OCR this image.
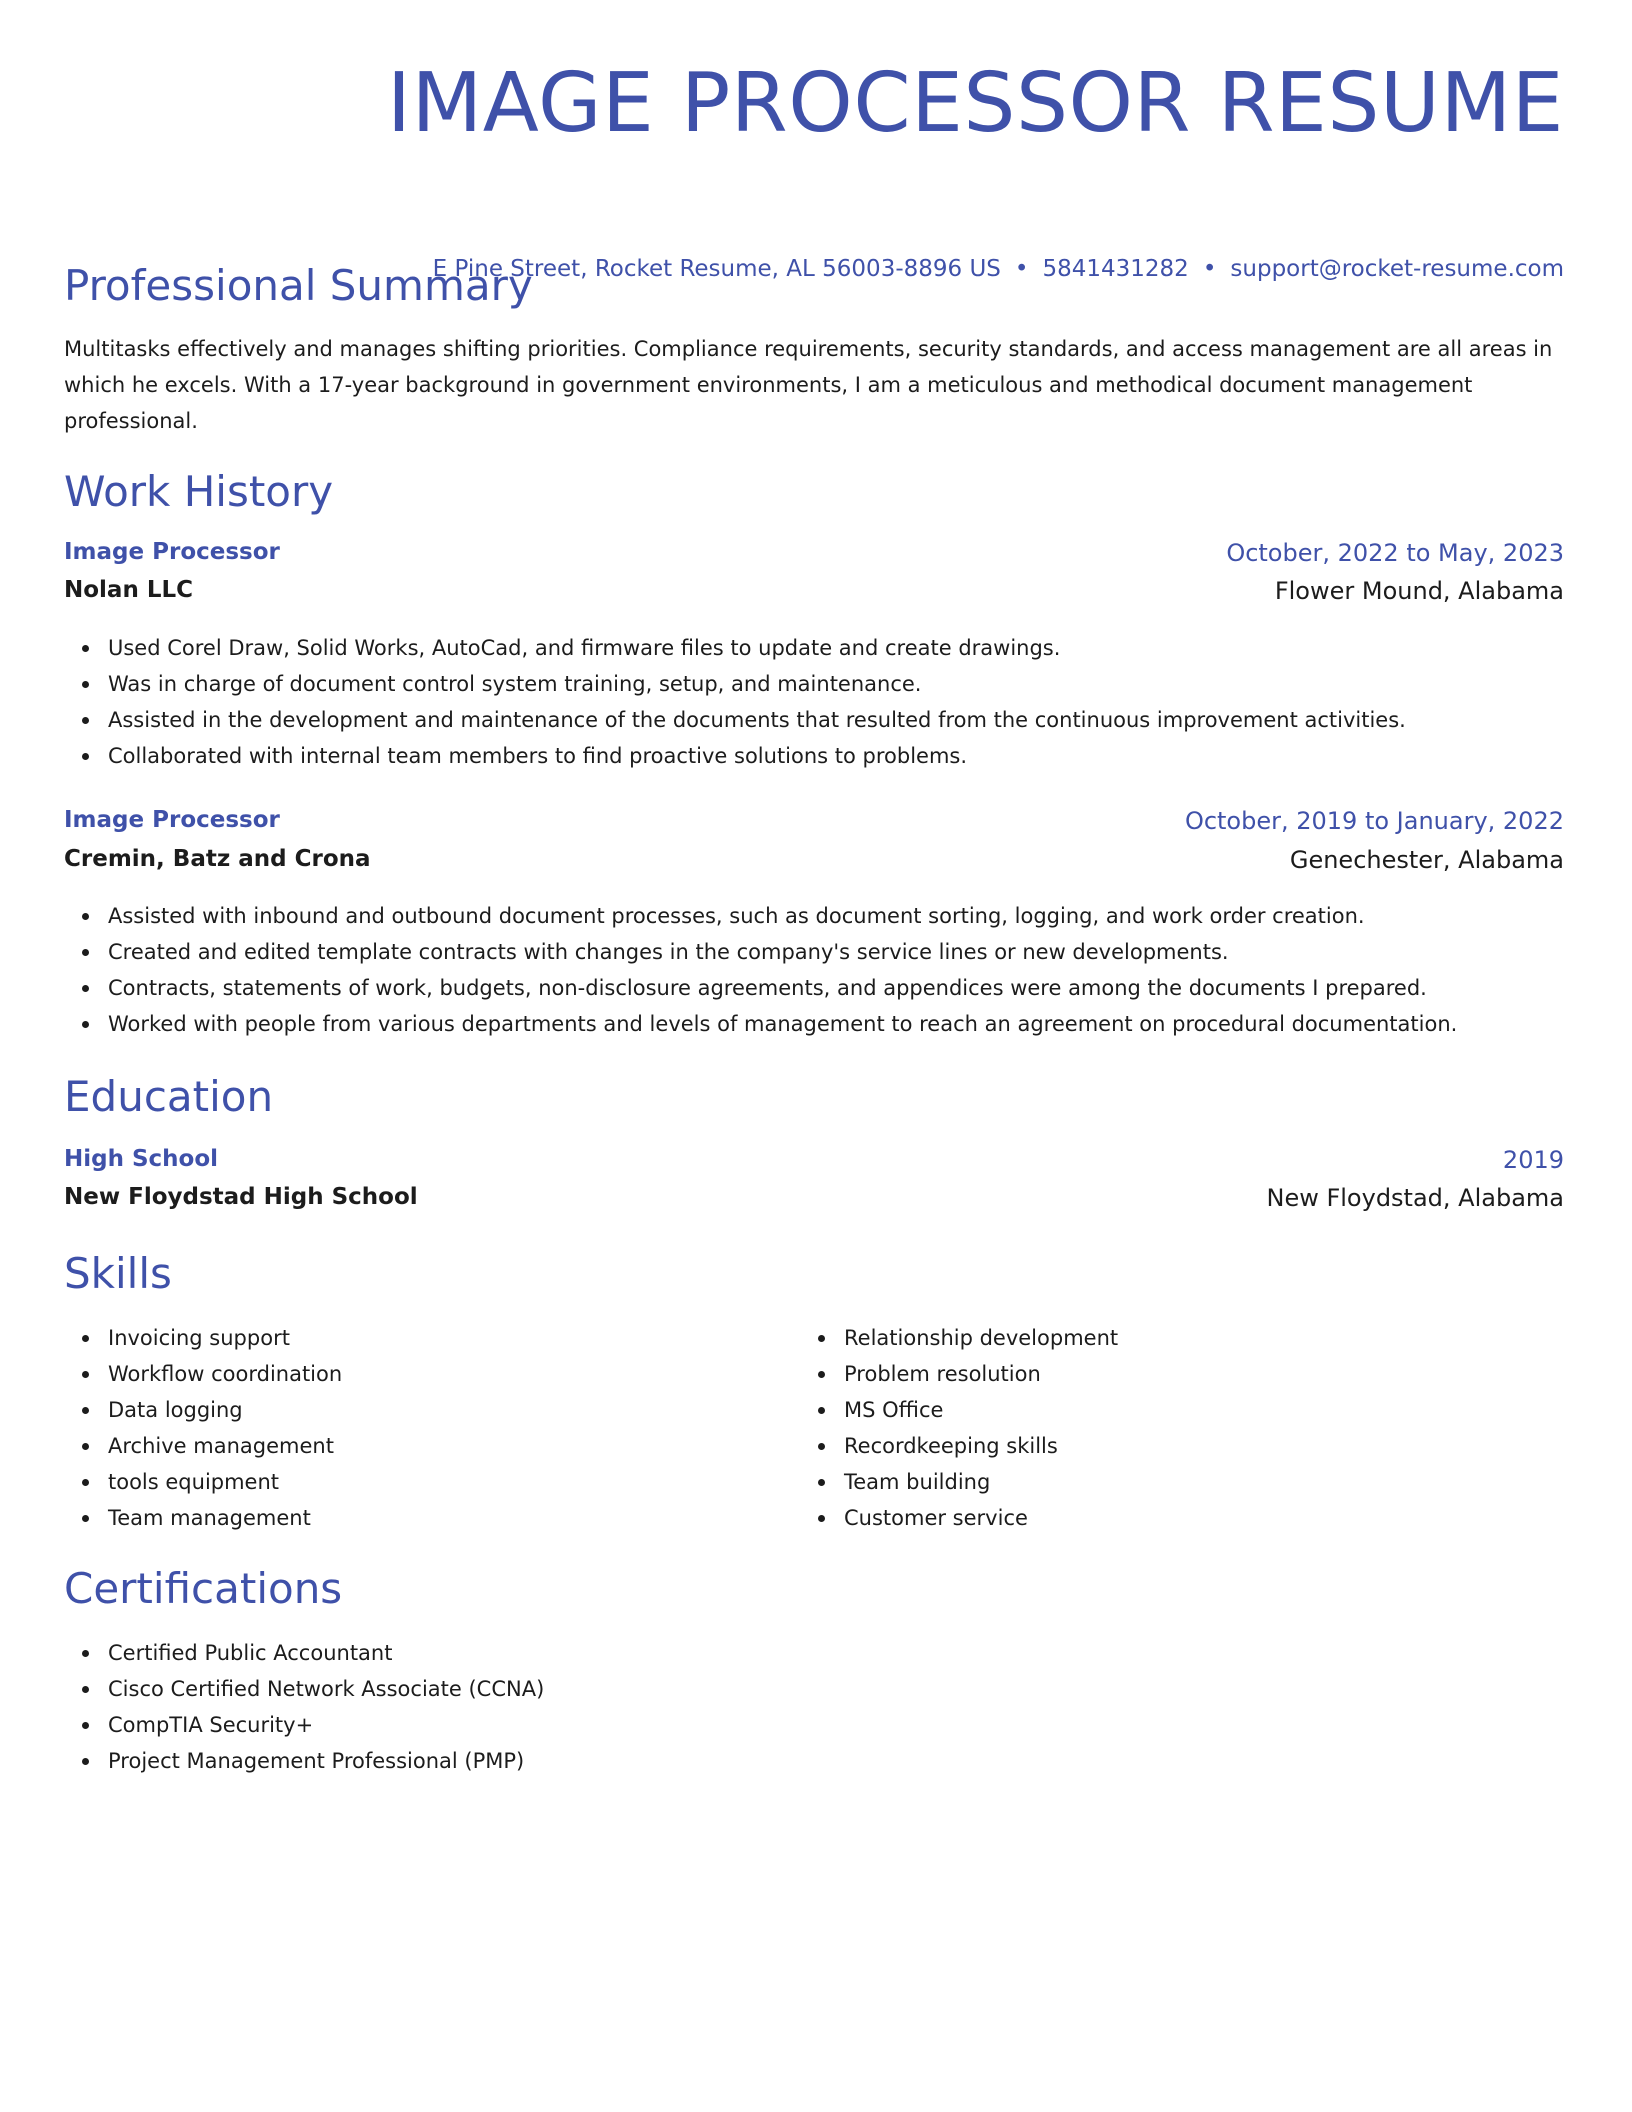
IMAGE PROCESSOR RESUME
E Pine Street, Rocket Resume, AL 56003-8896 US • 5841431282 • support@rocket-resume.com
Professional Summary
Multitasks effectively and manages shifting priorities. Compliance requirements, security standards, and access management are all areas in which he excels. With a 17-year background in government environments, I am a meticulous and methodical document management professional.
Work History
Image Processor	October, 2022 to May, 2023
Nolan LLC	Flower Mound, Alabama
Used Corel Draw, Solid Works, AutoCad, and firmware files to update and create drawings.
Was in charge of document control system training, setup, and maintenance.
Assisted in the development and maintenance of the documents that resulted from the continuous improvement activities.
Collaborated with internal team members to find proactive solutions to problems.
Image Processor	October, 2019 to January, 2022
Cremin, Batz and Crona	Genechester, Alabama
Assisted with inbound and outbound document processes, such as document sorting, logging, and work order creation.
Created and edited template contracts with changes in the company's service lines or new developments.
Contracts, statements of work, budgets, non-disclosure agreements, and appendices were among the documents I prepared.
Worked with people from various departments and levels of management to reach an agreement on procedural documentation.
Education
High School	2019
New Floydstad High School	New Floydstad, Alabama
Skills
Invoicing support
Workflow coordination
Data logging
Archive management
tools equipment
Team management
Relationship development
Problem resolution
MS Office
Recordkeeping skills
Team building
Customer service
Certifications
Certified Public Accountant
Cisco Certified Network Associate (CCNA)
CompTIA Security+
Project Management Professional (PMP)
